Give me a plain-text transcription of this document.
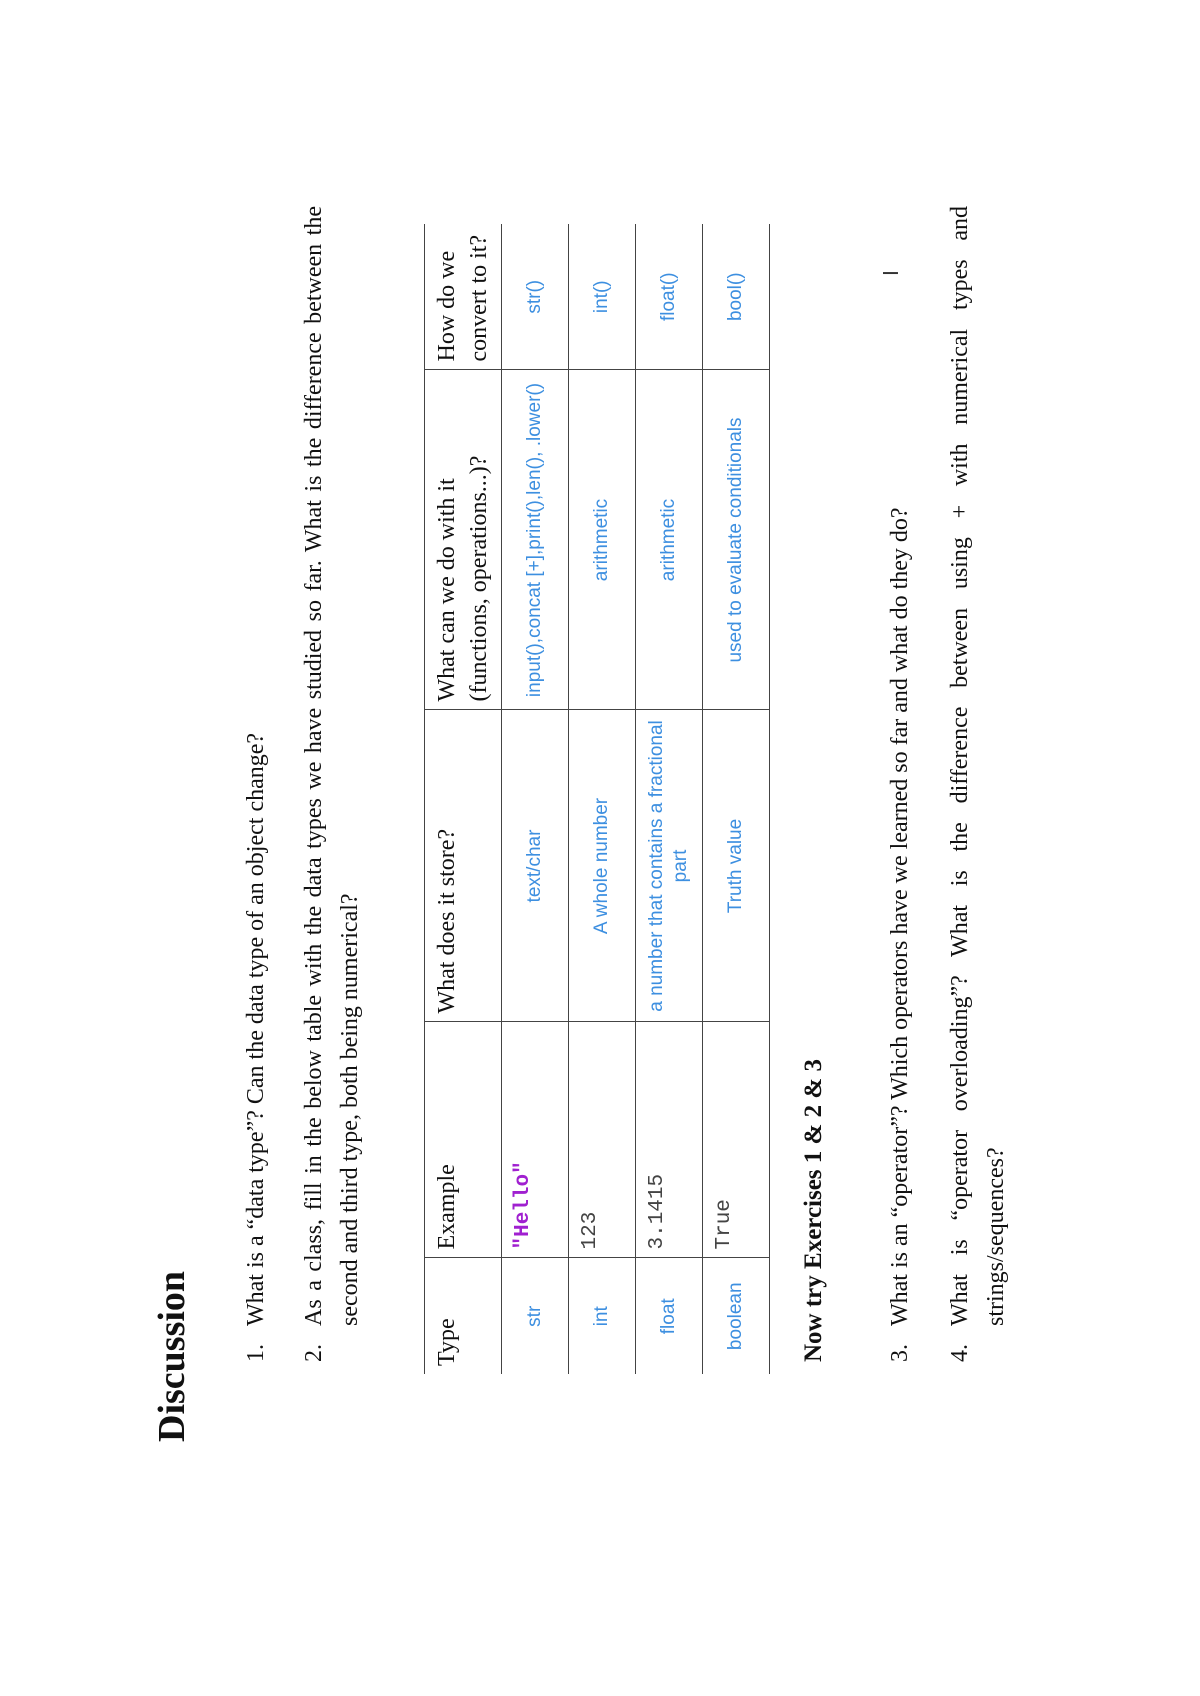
Discussion 1.
What is a “data type”? Can the data type of an object change?
2.
As a class, fill in the below table with the data types we have studied so far. What is the difference between the second and third type, both being numerical?
Type	Example	What does it store?	What can we do with it (functions, operations...)?	How do we convert to it?
str	"Hello"	text/char	input(),concat [+],print(),len(), .lower()	str()
int	123	A whole number	arithmetic	int()
float	3.1415	a number that contains a fractional part	arithmetic	float()
boolean	True	Truth value	used to evaluate conditionals	bool()
Now try Exercises 1 & 2 & 3	3.
What is an “operator”? Which operators have we learned so far and what do they do?
4.
What is “operator overloading”? What is the difference between using + with numerical types and strings/sequences?
Ι
